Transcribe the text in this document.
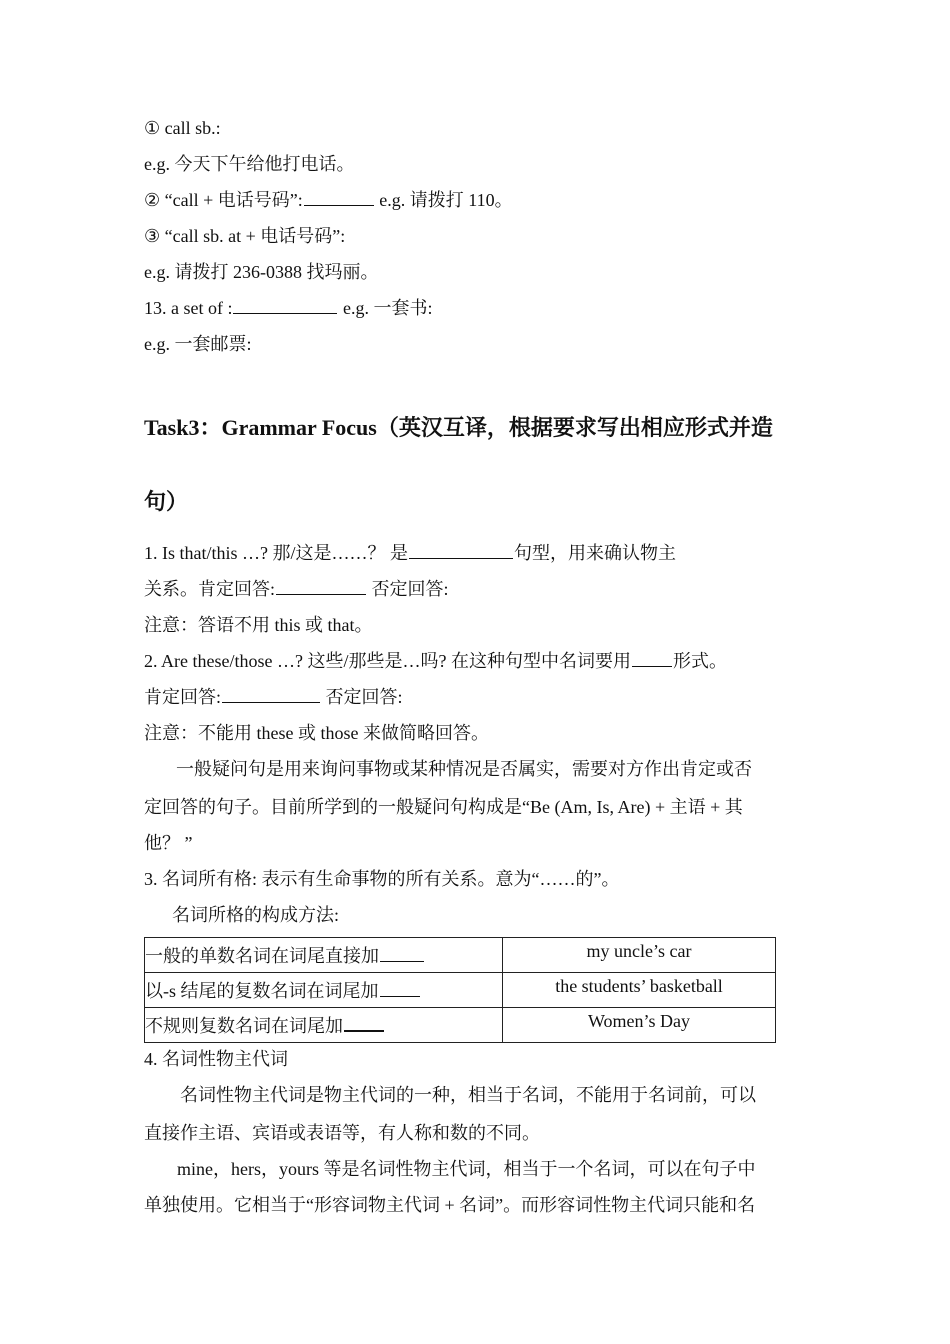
① call sb.:
e.g. 今天下午给他打电话。
② “call + 电话号码”:	e.g. 请拨打 110。
③ “call sb. at + 电话号码”:
e.g. 请拨打 236-0388 找玛丽。
13. a set of :	e.g. 一套书:
e.g. 一套邮票:
Task3：Grammar Focus（英汉互译，根据要求写出相应形式并造
句）
1. Is that/this …? 那/这是……？ 是	句型，用来确认物主
关系。肯定回答:	否定回答:
注意：答语不用 this 或 that。
2. Are these/those …? 这些/那些是…吗? 在这种句型中名词要用 形式。
肯定回答:	否定回答:
注意：不能用 these 或 those 来做简略回答。
一般疑问句是用来询问事物或某种情况是否属实，需要对方作出肯定或否
定回答的句子。目前所学到的一般疑问句构成是“Be (Am, Is, Are) + 主语 + 其
他？ ”
3. 名词所有格: 表示有生命事物的所有关系。意为“……的”。
名词所格的构成方法:
一般的单数名词在词尾直接加	my uncle’s car
以-s 结尾的复数名词在词尾加	the students’ basketball
不规则复数名词在词尾加	Women’s Day
4. 名词性物主代词
名词性物主代词是物主代词的一种，相当于名词，不能用于名词前，可以
直接作主语、宾语或表语等，有人称和数的不同。
mine，hers，yours 等是名词性物主代词，相当于一个名词，可以在句子中
单独使用。它相当于“形容词物主代词 + 名词”。而形容词性物主代词只能和名
